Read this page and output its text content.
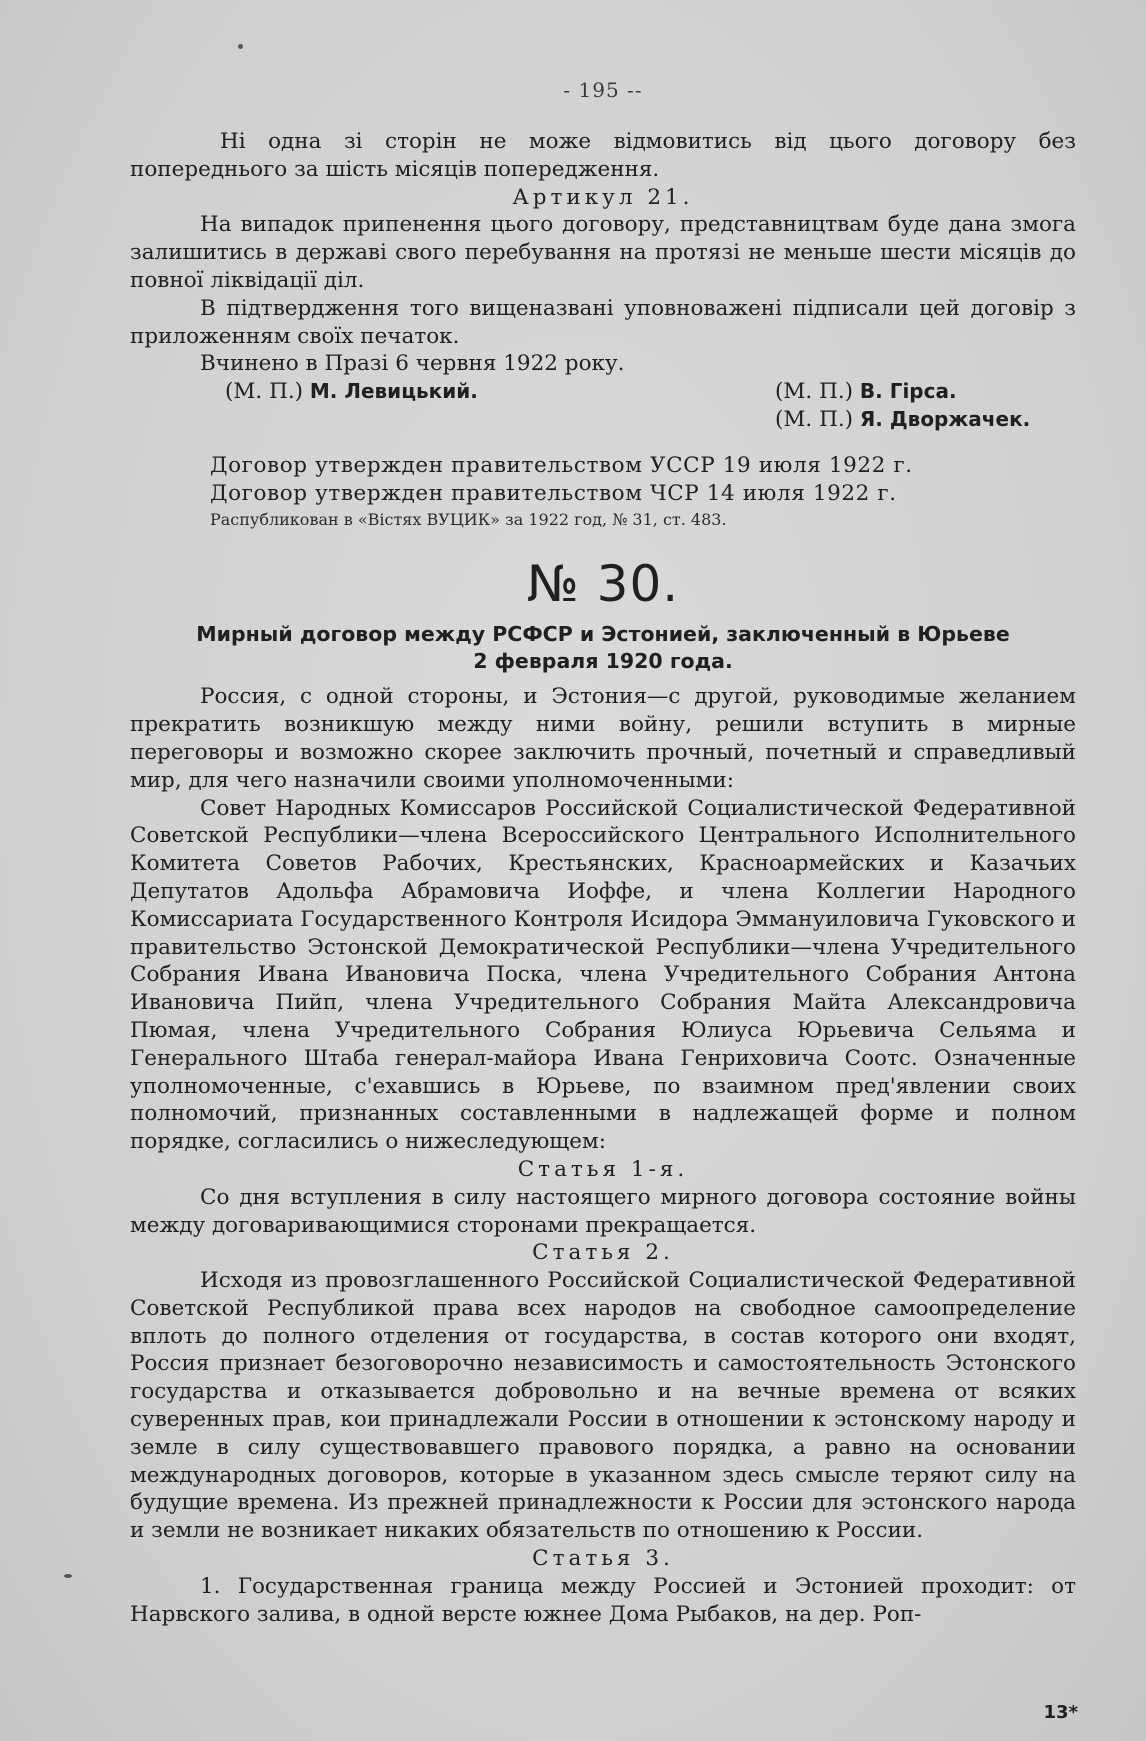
- 195 --

Ні одна зі сторін не може відмовитись від цього договору без попереднього за шість місяців попередження.

Артикул 21.

На випадок припенення цього договору, представництвам буде дана змога залишитись в державі свого перебування на протязі не меньше шести місяців до повної ліквідації діл.

В підтвердження того вищеназвані уповноважені підписали цей договір з приложенням своїх печаток.

Вчинено в Празі 6 червня 1922 року.

(М. П.) М. Левицький.	(М. П.) В. Гірса.
(М. П.) Я. Дворжачек.
Договор утвержден правительством УССР 19 июля 1922 г.
Договор утвержден правительством ЧСР 14 июля 1922 г.
Распубликован в «Вістях ВУЦИК» за 1922 год, № 31, ст. 483.
№ 30.
Мирный договор между РСФСР и Эстонией, заключенный в Юрьеве
2 февраля 1920 года.

Россия, с одной стороны, и Эстония—с другой, руководимые желанием прекратить возникшую между ними войну, решили вступить в мирные переговоры и возможно скорее заключить прочный, почетный и справедливый мир, для чего назначили своими уполномоченными:

Совет Народных Комиссаров Российской Социалистической Федеративной Советской Республики—члена Всероссийского Центрального Исполнительного Комитета Советов Рабочих, Крестьянских, Красноармейских и Казачьих Депутатов Адольфа Абрамовича Иоффе, и члена Коллегии Народного Комиссариата Государственного Контроля Исидора Эммануиловича Гуковского и правительство Эстонской Демократической Республики—члена Учредительного Собрания Ивана Ивановича Поска, члена Учредительного Собрания Антона Ивановича Пийп, члена Учредительного Собрания Майта Александровича Пюмая, члена Учредительного Собрания Юлиуса Юрьевича Сельяма и Генерального Штаба генерал-майора Ивана Генриховича Соотс. Означенные уполномоченные, с'ехавшись в Юрьеве, по взаимном пред'явлении своих полномочий, признанных составленными в надлежащей форме и полном порядке, согласились о нижеследующем:

Статья 1-я.

Со дня вступления в силу настоящего мирного договора состояние войны между договаривающимися сторонами прекращается.

Статья 2.

Исходя из провозглашенного Российской Социалистической Федеративной Советской Республикой права всех народов на свободное самоопределение вплоть до полного отделения от государства, в состав которого они входят, Россия признает безоговорочно независимость и самостоятельность Эстонского государства и отказывается добровольно и на вечные времена от всяких суверенных прав, кои принадлежали России в отношении к эстонскому народу и земле в силу существовавшего правового порядка, а равно на основании международных договоров, которые в указанном здесь смысле теряют силу на будущие времена. Из прежней принадлежности к России для эстонского народа и земли не возникает никаких обязательств по отношению к России.

Статья 3.

1. Государственная граница между Россией и Эстонией проходит: от Нарвского залива, в одной версте южнее Дома Рыбаков, на дер. Роп-

13*
